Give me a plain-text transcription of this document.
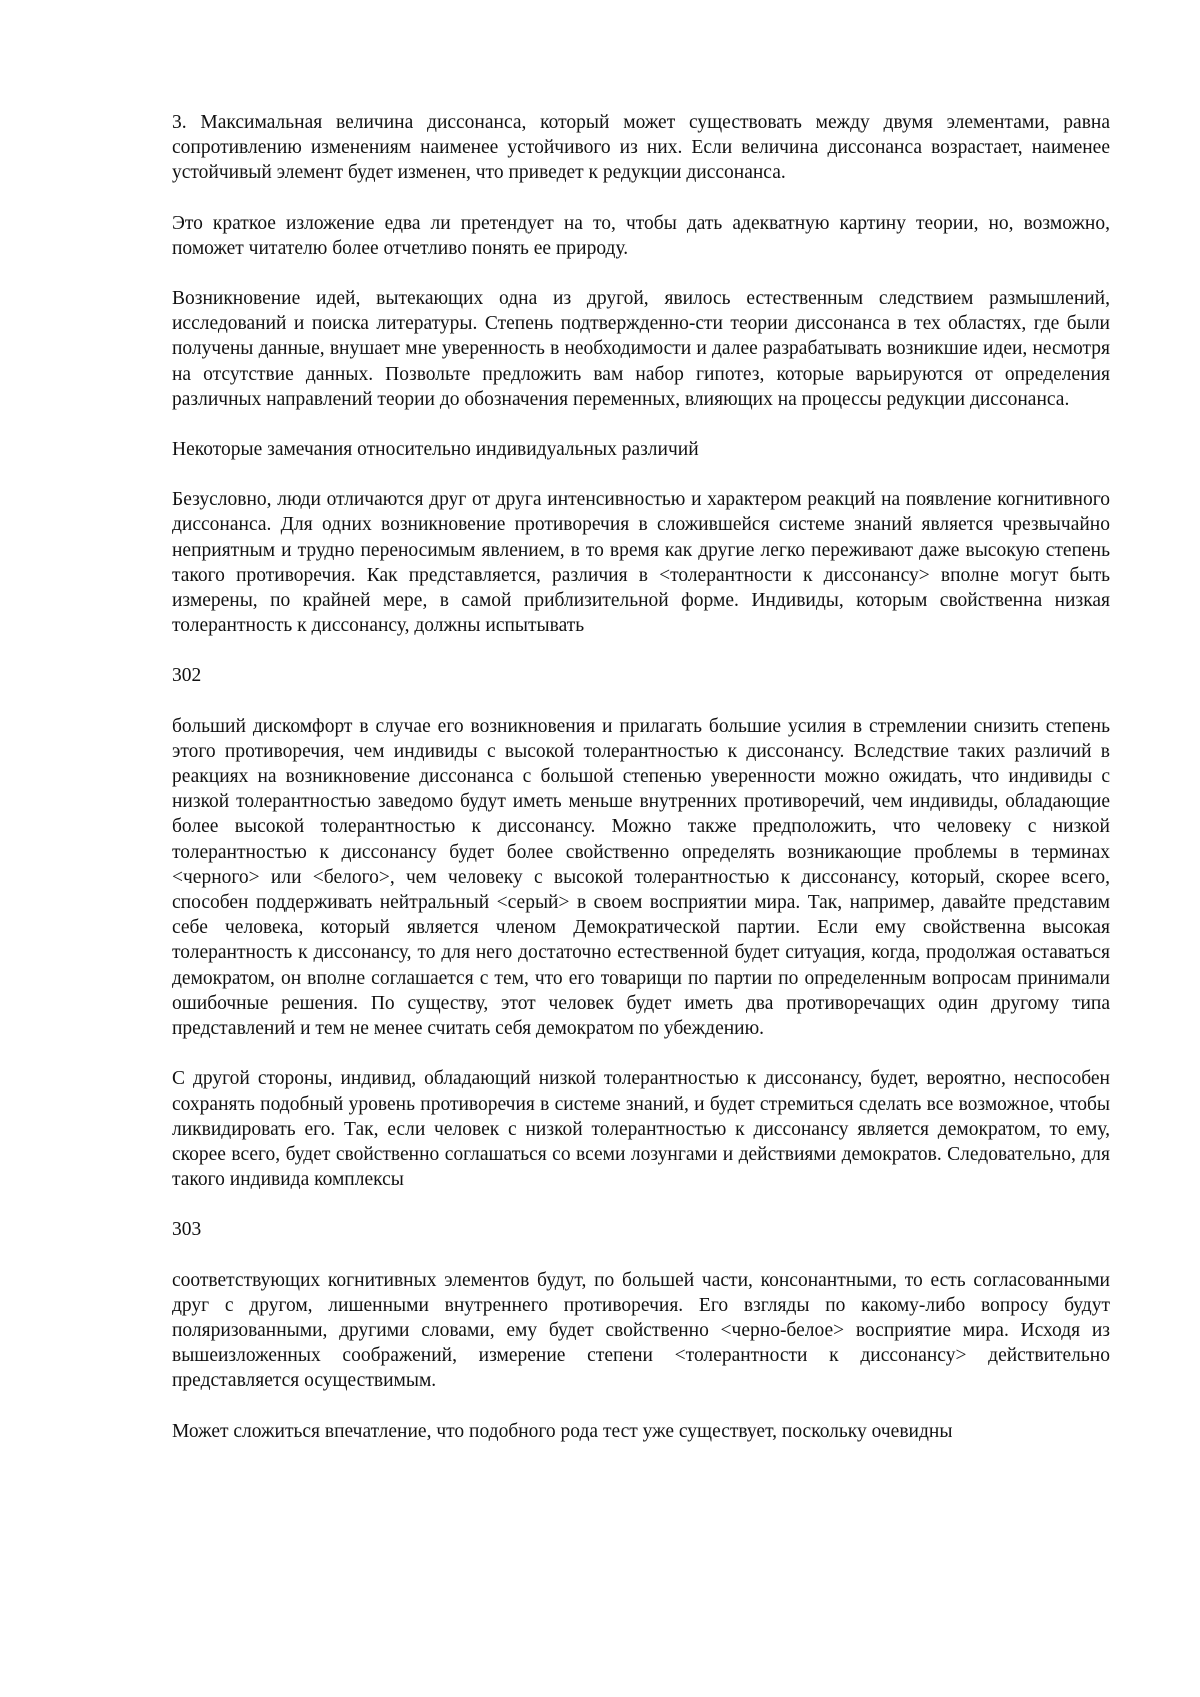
3. Максимальная величина диссонанса, который может существовать между двумя элементами, равна сопротивлению изменениям наименее устойчивого из них. Если величина диссонанса возрастает, наименее устойчивый элемент будет изменен, что приведет к редукции диссонанса.

Это краткое изложение едва ли претендует на то, чтобы дать адекватную картину теории, но, возможно, поможет читателю более отчетливо понять ее природу.

Возникновение идей, вытекающих одна из другой, явилось естественным следствием размышлений, исследований и поиска литературы. Степень подтвержденно-сти теории диссонанса в тех областях, где были получены данные, внушает мне уверенность в необходимости и далее разрабатывать возникшие идеи, несмотря на отсутствие данных. Позвольте предложить вам набор гипотез, которые варьируются от определения различных направлений теории до обозначения переменных, влияющих на процессы редукции диссонанса.

Некоторые замечания относительно индивидуальных различий

Безусловно, люди отличаются друг от друга интенсивностью и характером реакций на появление когнитивного диссонанса. Для одних возникновение противоречия в сложившейся системе знаний является чрезвычайно неприятным и трудно переносимым явлением, в то время как другие легко переживают даже высокую степень такого противоречия. Как представляется, различия в <толерантности к диссонансу> вполне могут быть измерены, по крайней мере, в самой приблизительной форме. Индивиды, которым свойственна низкая толерантность к диссонансу, должны испытывать

302

больший дискомфорт в случае его возникновения и прилагать большие усилия в стремлении снизить степень этого противоречия, чем индивиды с высокой толерантностью к диссонансу. Вследствие таких различий в реакциях на возникновение диссонанса с большой степенью уверенности можно ожидать, что индивиды с низкой толерантностью заведомо будут иметь меньше внутренних противоречий, чем индивиды, обладающие более высокой толерантностью к диссонансу. Можно также предположить, что человеку с низкой толерантностью к диссонансу будет более свойственно определять возникающие проблемы в терминах <черного> или <белого>, чем человеку с высокой толерантностью к диссонансу, который, скорее всего, способен поддерживать нейтральный <серый> в своем восприятии мира. Так, например, давайте представим себе человека, который является членом Демократической партии. Если ему свойственна высокая толерантность к диссонансу, то для него достаточно естественной будет ситуация, когда, продолжая оставаться демократом, он вполне соглашается с тем, что его товарищи по партии по определенным вопросам принимали ошибочные решения. По существу, этот человек будет иметь два противоречащих один другому типа представлений и тем не менее считать себя демократом по убеждению.

С другой стороны, индивид, обладающий низкой толерантностью к диссонансу, будет, вероятно, неспособен сохранять подобный уровень противоречия в системе знаний, и будет стремиться сделать все возможное, чтобы ликвидировать его. Так, если человек с низкой толерантностью к диссонансу является демократом, то ему, скорее всего, будет свойственно соглашаться со всеми лозунгами и действиями демократов. Следовательно, для такого индивида комплексы

303

соответствующих когнитивных элементов будут, по большей части, консонантными, то есть согласованными друг с другом, лишенными внутреннего противоречия. Его взгляды по какому-либо вопросу будут поляризованными, другими словами, ему будет свойственно <черно-белое> восприятие мира. Исходя из вышеизложенных соображений, измерение степени <толерантности к диссонансу> действительно представляется осуществимым.

Может сложиться впечатление, что подобного рода тест уже существует, поскольку очевидны
